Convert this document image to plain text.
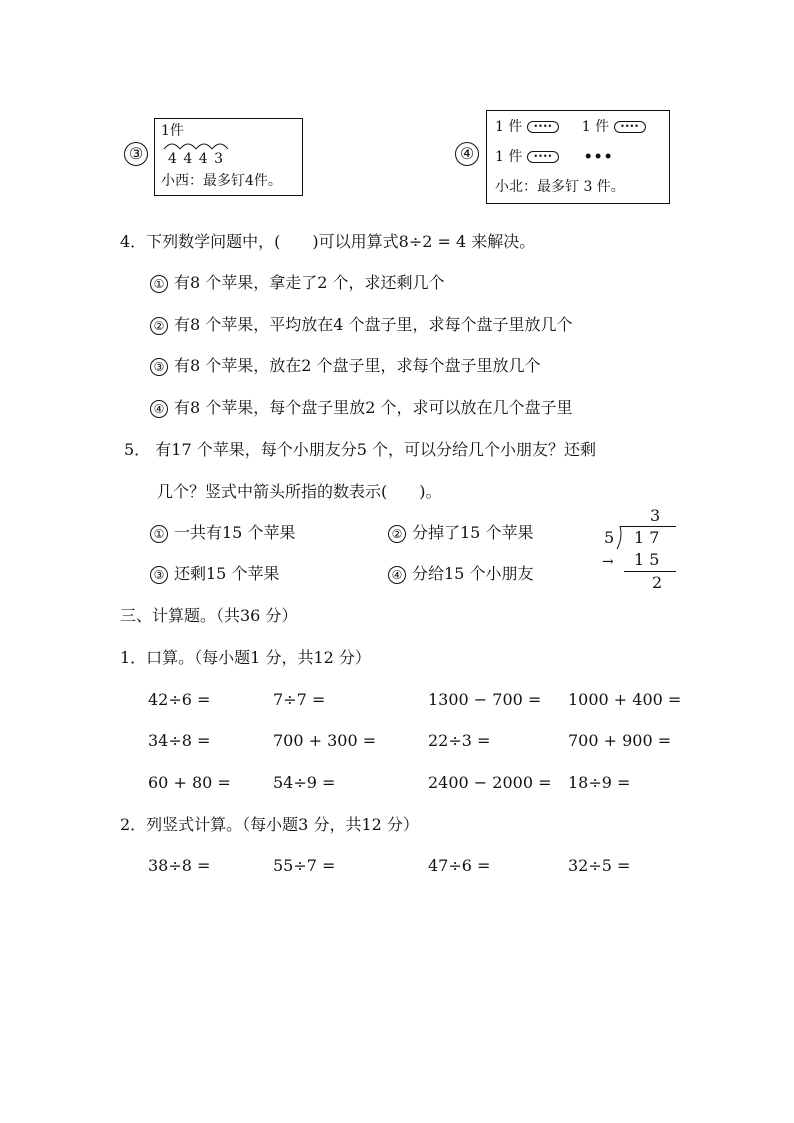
③
1件
4 4 4 3
小西：最多钉4件。
④
1 件 •••• 1 件 ••••
1 件 •••• •••
小北：最多钉 3 件。
4．下列数学问题中，(　　)可以用算式8÷2 = 4 来解决。
① 有8 个苹果，拿走了2 个，求还剩几个
② 有8 个苹果，平均放在4 个盘子里，求每个盘子里放几个
③ 有8 个苹果，放在2 个盘子里，求每个盘子里放几个
④ 有8 个苹果，每个盘子里放2 个，求可以放在几个盘子里
5． 有17 个苹果，每个小朋友分5 个，可以分给几个小朋友？还剩
几个？竖式中箭头所指的数表示(　　)。
① 一共有15 个苹果	② 分掉了15 个苹果
③ 还剩15 个苹果	④ 分给15 个小朋友
3
5 1 7
→ 1 5
2
三、计算题。（共36 分）
1．口算。（每小题1 分，共12 分）
42÷6 =	7÷7 =	1300 − 700 = 1000 + 400 =
34÷8 =	700 + 300 =	22÷3 =	700 + 900 =
60 + 80 =	54÷9 =	2400 − 2000 = 18÷9 =
2．列竖式计算。（每小题3 分，共12 分）
38÷8 =	55÷7 =	47÷6 =	32÷5 =
